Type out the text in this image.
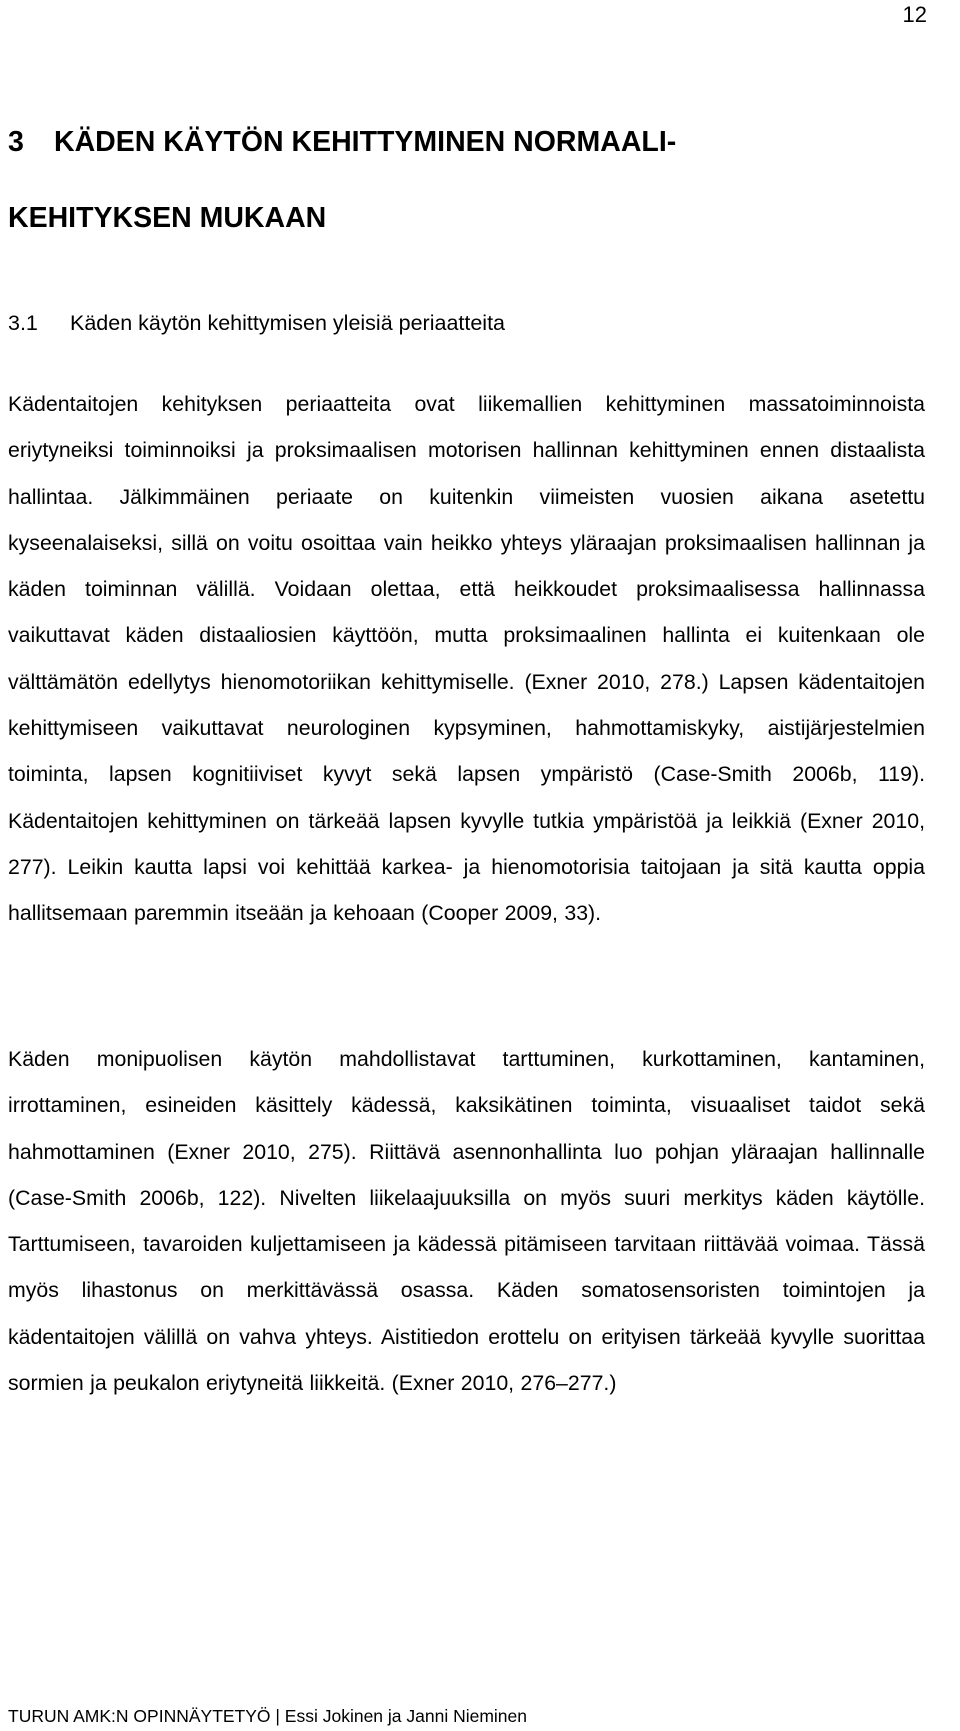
12
3 KÄDEN KÄYTÖN KEHITTYMINEN NORMAALI-
KEHITYKSEN MUKAAN
3.1 Käden käytön kehittymisen yleisiä periaatteita

Kädentaitojen kehityksen periaatteita ovat liikemallien kehittyminen massatoiminnoista eriytyneiksi toiminnoiksi ja proksimaalisen motorisen hallinnan kehittyminen ennen distaalista hallintaa. Jälkimmäinen periaate on kuitenkin viimeisten vuosien aikana asetettu kyseenalaiseksi, sillä on voitu osoittaa vain heikko yhteys yläraajan proksimaalisen hallinnan ja käden toiminnan välillä. Voidaan olettaa, että heikkoudet proksimaalisessa hallinnassa vaikuttavat käden distaaliosien käyttöön, mutta proksimaalinen hallinta ei kuitenkaan ole välttämätön edellytys hienomotoriikan kehittymiselle. (Exner 2010, 278.) Lapsen kädentaitojen kehittymiseen vaikuttavat neurologinen kypsyminen, hahmottamiskyky, aistijärjestelmien toiminta, lapsen kognitiiviset kyvyt sekä lapsen ympäristö (Case-Smith 2006b, 119). Kädentaitojen kehittyminen on tärkeää lapsen kyvylle tutkia ympäristöä ja leikkiä (Exner 2010, 277). Leikin kautta lapsi voi kehittää karkea- ja hienomotorisia taitojaan ja sitä kautta oppia hallitsemaan paremmin itseään ja kehoaan (Cooper 2009, 33).

Käden monipuolisen käytön mahdollistavat tarttuminen, kurkottaminen, kantaminen, irrottaminen, esineiden käsittely kädessä, kaksikätinen toiminta, visuaaliset taidot sekä hahmottaminen (Exner 2010, 275). Riittävä asennonhallinta luo pohjan yläraajan hallinnalle (Case-Smith 2006b, 122). Nivelten liikelaajuuksilla on myös suuri merkitys käden käytölle. Tarttumiseen, tavaroiden kuljettamiseen ja kädessä pitämiseen tarvitaan riittävää voimaa. Tässä myös lihastonus on merkittävässä osassa. Käden somatosensoristen toimintojen ja kädentaitojen välillä on vahva yhteys. Aistitiedon erottelu on erityisen tärkeää kyvylle suorittaa sormien ja peukalon eriytyneitä liikkeitä. (Exner 2010, 276–277.)

TURUN AMK:N OPINNÄYTETYÖ | Essi Jokinen ja Janni Nieminen
